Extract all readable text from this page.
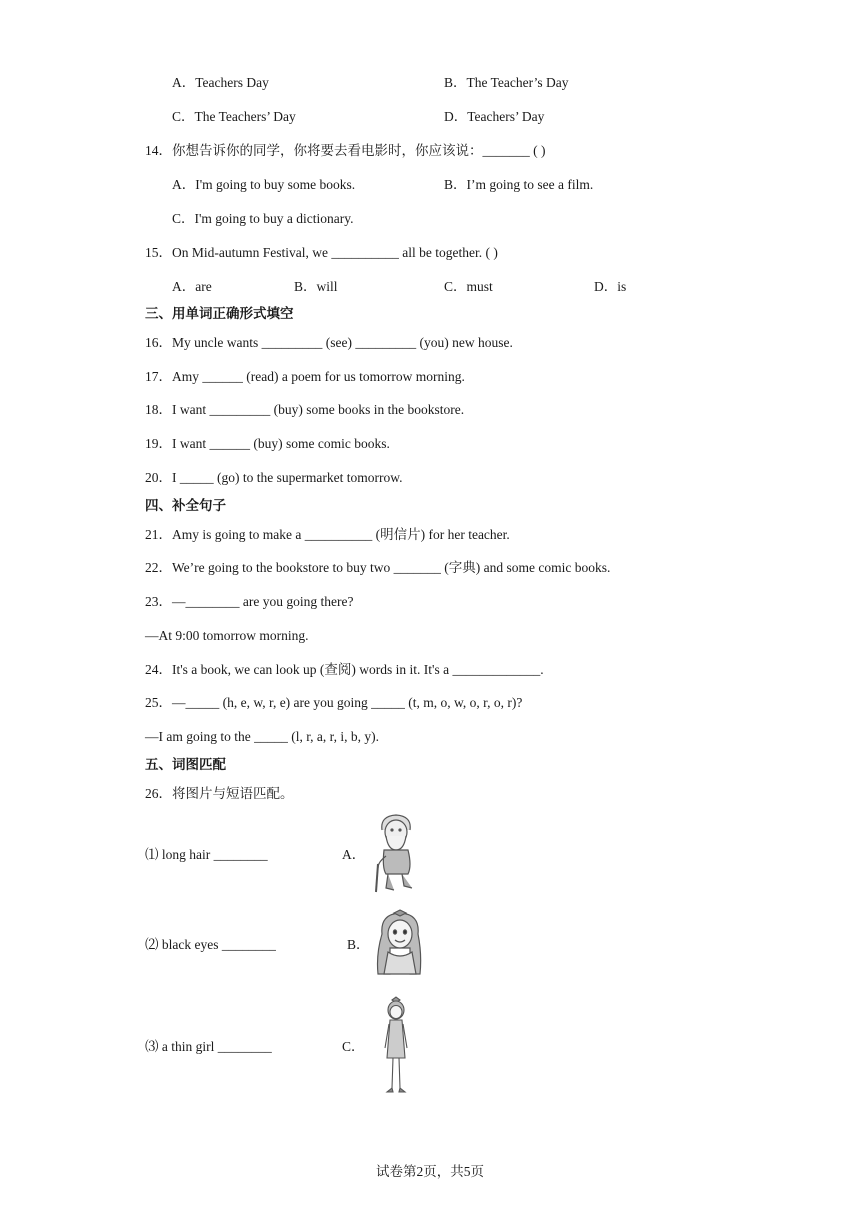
A．Teachers Day	B．The Teacher’s Day
C．The Teachers’ Day	D．Teachers’ Day
14．你想告诉你的同学，你将要去看电影时，你应该说：_______ ( )
A．I'm going to buy some books.	B．I’m going to see a film.
C．I'm going to buy a dictionary.
15．On Mid-autumn Festival, we __________ all be together. ( )
A．are	B．will	C．must	D．is
三、用单词正确形式填空
16．My uncle wants _________ (see) _________ (you) new house.
17．Amy ______ (read) a poem for us tomorrow morning.
18．I want _________ (buy) some books in the bookstore.
19．I want ______ (buy) some comic books.
20．I _____ (go) to the supermarket tomorrow.
四、补全句子
21．Amy is going to make a __________ (明信片) for her teacher.
22．We’re going to the bookstore to buy two _______ (字典) and some comic books.
23．—________ are you going there?
—At 9:00 tomorrow morning.
24．It's a book, we can look up (查阅) words in it. It's a _____________.
25．—_____ (h, e, w, r, e) are you going _____ (t, m, o, w, o, r, o, r)?
—I am going to the _____ (l, r, a, r, i, b, y).
五、词图匹配
26．将图片与短语匹配。
⑴ long hair ________	A．
⑵ black eyes ________	B．
⑶ a thin girl ________	C．
试卷第2页，共5页
